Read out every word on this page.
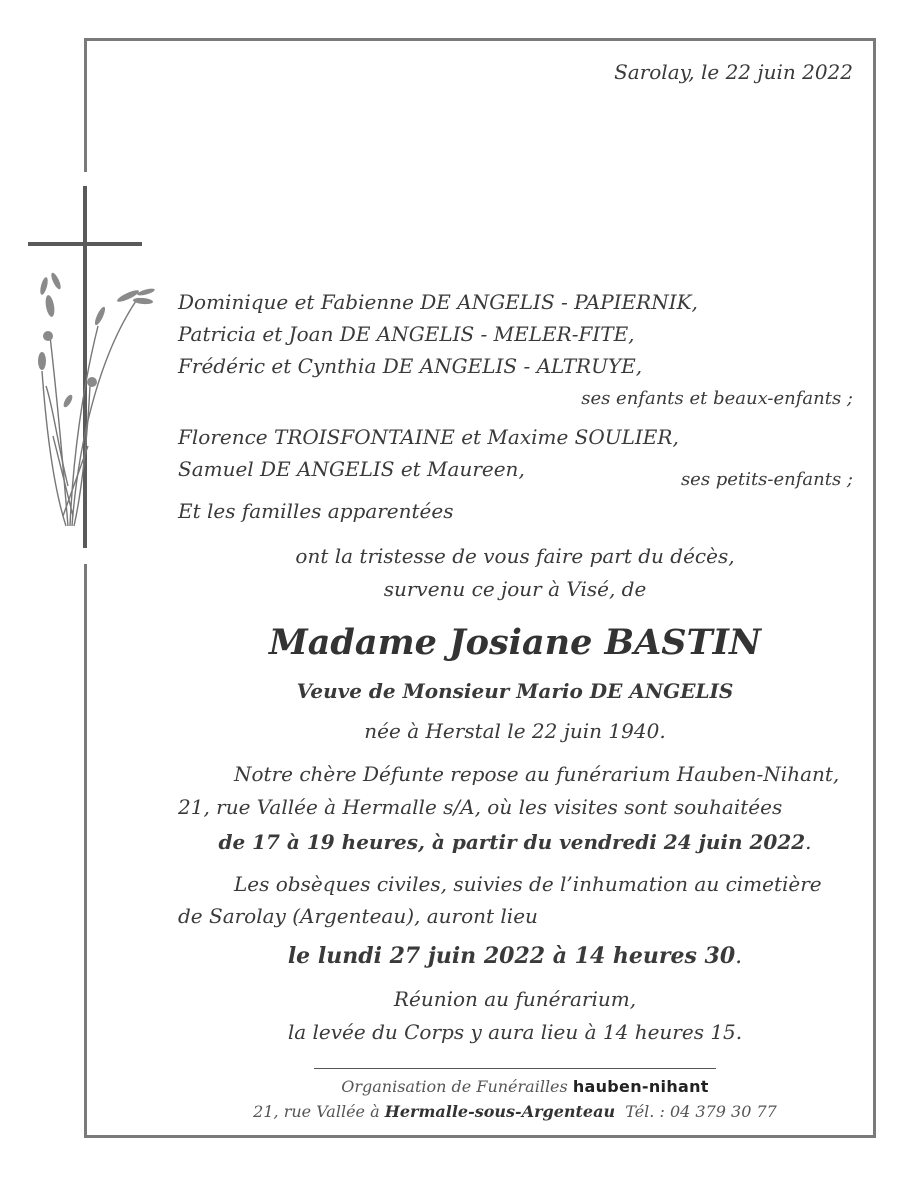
Sarolay, le 22 juin 2022
Dominique et Fabienne DE ANGELIS - PAPIERNIK,
Patricia et Joan DE ANGELIS - MELER-FITE,
Frédéric et Cynthia DE ANGELIS - ALTRUYE,
ses enfants et beaux-enfants ;
Florence TROISFONTAINE et Maxime SOULIER,
Samuel DE ANGELIS et Maureen,	ses petits-enfants ;
Et les familles apparentées
ont la tristesse de vous faire part du décès,
survenu ce jour à Visé, de
Madame Josiane BASTIN
Veuve de Monsieur Mario DE ANGELIS
née à Herstal le 22 juin 1940.
Notre chère Défunte repose au funérarium Hauben-Nihant,
21, rue Vallée à Hermalle s/A, où les visites sont souhaitées
de 17 à 19 heures, à partir du vendredi 24 juin 2022.
Les obsèques civiles, suivies de l’inhumation au cimetière
de Sarolay (Argenteau), auront lieu
le lundi 27 juin 2022 à 14 heures 30.
Réunion au funérarium,
la levée du Corps y aura lieu à 14 heures 15.
Organisation de Funérailles hauben-nihant
21, rue Vallée à Hermalle-sous-Argenteau Tél. : 04 379 30 77
